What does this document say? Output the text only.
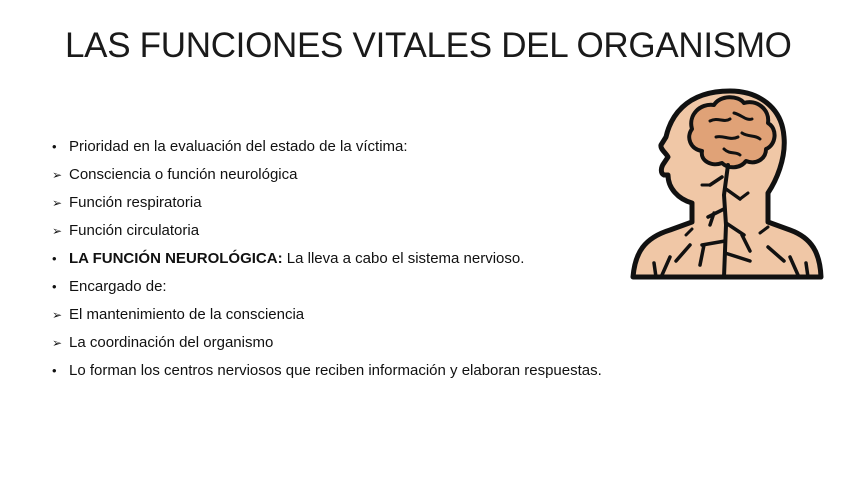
LAS FUNCIONES VITALES DEL ORGANISMO
• Prioridad en la evaluación del estado de la víctima:
➢ Consciencia o función neurológica
➢ Función respiratoria
➢ Función circulatoria
• LA FUNCIÓN NEUROLÓGICA: La lleva a cabo el sistema nervioso.
• Encargado de:
➢ El mantenimiento de la consciencia
➢ La coordinación del organismo
• Lo forman los centros nerviosos que reciben información y elaboran respuestas.
